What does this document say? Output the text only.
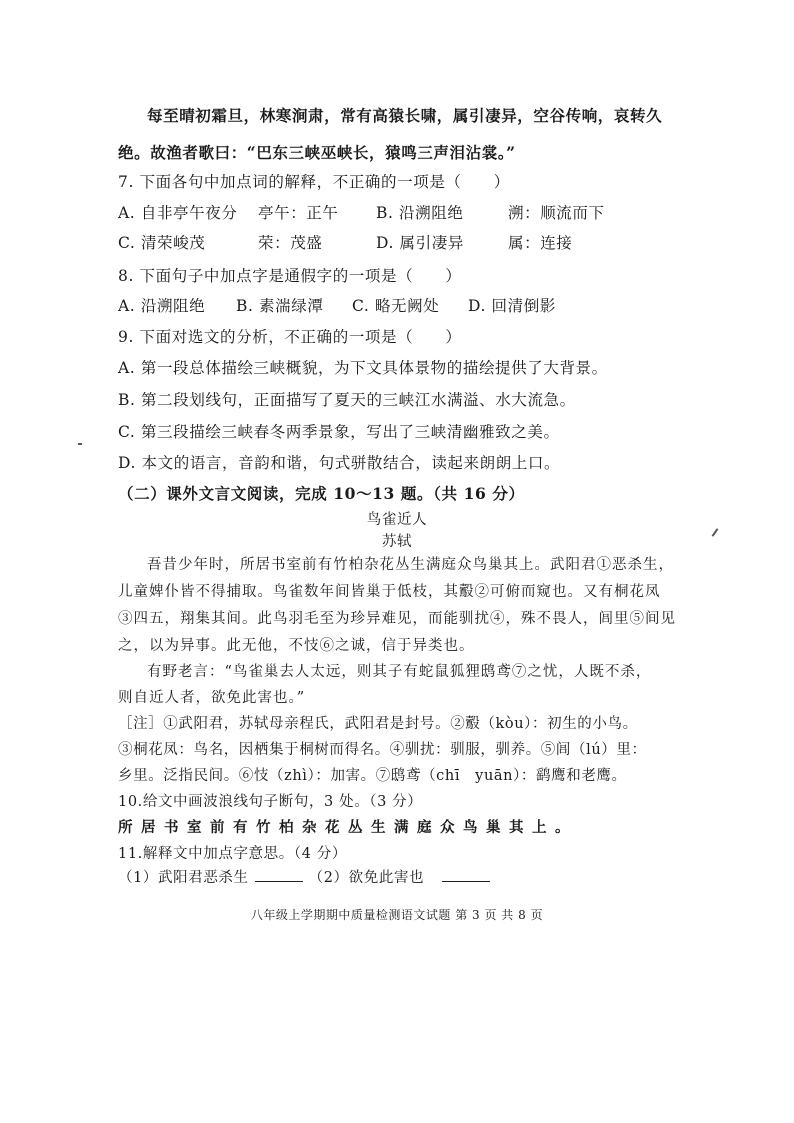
每至晴初霜旦，林寒涧肃，常有高猿长啸，属引凄异，空谷传响，哀转久
绝。故渔者歌曰：“巴东三峡巫峡长，猿鸣三声泪沾裳。”
7. 下面各句中加点词的解释，不正确的一项是（　　）
A. 自非亭午夜分 亭午：正午 B. 沿溯阻绝	溯：顺流而下
C. 清荣峻茂	荣：茂盛	D. 属引凄异	属：连接
8. 下面句子中加点字是通假字的一项是（　　）
A. 沿溯阻绝 B. 素湍绿潭 C. 略无阙处 D. 回清倒影
9. 下面对选文的分析，不正确的一项是（　　）
A. 第一段总体描绘三峡概貌，为下文具体景物的描绘提供了大背景。
B. 第二段划线句，正面描写了夏天的三峡江水满溢、水大流急。
C. 第三段描绘三峡春冬两季景象，写出了三峡清幽雅致之美。
D. 本文的语言，音韵和谐，句式骈散结合，读起来朗朗上口。
（二）课外文言文阅读，完成 10～13 题。（共 16 分）
鸟雀近人
苏轼
吾昔少年时，所居书室前有竹柏杂花丛生满庭众鸟巢其上。武阳君①恶杀生，
儿童婢仆皆不得捕取。鸟雀数年间皆巢于低枝，其鷇②可俯而窥也。又有桐花凤
③四五，翔集其间。此鸟羽毛至为珍异难见，而能驯扰④，殊不畏人，闾里⑤间见
之，以为异事。此无他，不忮⑥之诚，信于异类也。
有野老言：“鸟雀巢去人太远，则其子有蛇鼠狐狸鸱鸢⑦之忧，人既不杀，
则自近人者，欲免此害也。”
［注］①武阳君，苏轼母亲程氏，武阳君是封号。②鷇（kòu）：初生的小鸟。
③桐花凤：鸟名，因栖集于桐树而得名。④驯扰：驯服，驯养。⑤闾（lú）里：
乡里。泛指民间。⑥忮（zhì）：加害。⑦鸱鸢（chī　yuān）：鹞鹰和老鹰。
10.给文中画波浪线句子断句，3 处。（3 分）
所居书室前有竹柏杂花丛生满庭众鸟巢其上。
11.解释文中加点字意思。（4 分）
（1）武阳君恶杀生	（2）欲免此害也
八年级上学期期中质量检测语文试题 第 3 页 共 8 页
